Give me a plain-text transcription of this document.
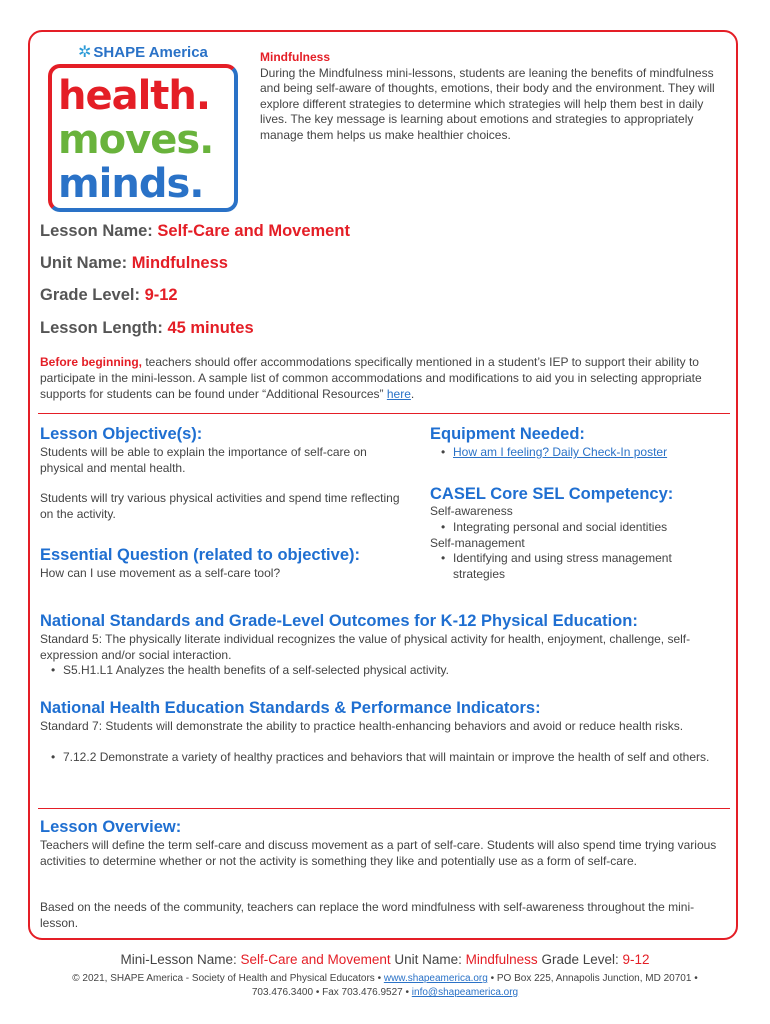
✲ SHAPE America
health.
moves.
minds.
Mindfulness
During the Mindfulness mini-lessons, students are leaning the benefits of mindfulness and being self-aware of thoughts, emotions, their body and the environment. They will explore different strategies to determine which strategies will help them best in daily lives. The key message is learning about emotions and strategies to appropriately manage them helps us make healthier choices.
Lesson Name: Self-Care and Movement
Unit Name: Mindfulness
Grade Level: 9-12
Lesson Length: 45 minutes
Before beginning, teachers should offer accommodations specifically mentioned in a student’s IEP to support their ability to participate in the mini-lesson. A sample list of common accommodations and modifications to aid you in selecting appropriate supports for students can be found under “Additional Resources” here.
Lesson Objective(s):
Students will be able to explain the importance of self-care on physical and mental health.
Students will try various physical activities and spend time reflecting on the activity.
Essential Question (related to objective):
How can I use movement as a self-care tool?
Equipment Needed:
• How am I feeling? Daily Check-In poster
CASEL Core SEL Competency:
Self-awareness
• Integrating personal and social identities
Self-management
• Identifying and using stress management strategies
National Standards and Grade-Level Outcomes for K-12 Physical Education:
Standard 5: The physically literate individual recognizes the value of physical activity for health, enjoyment, challenge, self-expression and/or social interaction.
• S5.H1.L1 Analyzes the health benefits of a self-selected physical activity.
National Health Education Standards & Performance Indicators:
Standard 7: Students will demonstrate the ability to practice health-enhancing behaviors and avoid or reduce health risks.
• 7.12.2 Demonstrate a variety of healthy practices and behaviors that will maintain or improve the health of self and others.
Lesson Overview:
Teachers will define the term self-care and discuss movement as a part of self-care. Students will also spend time trying various activities to determine whether or not the activity is something they like and potentially use as a form of self-care.
Based on the needs of the community, teachers can replace the word mindfulness with self-awareness throughout the mini-lesson.
Mini-Lesson Name: Self-Care and Movement Unit Name: Mindfulness Grade Level: 9-12
© 2021, SHAPE America - Society of Health and Physical Educators • www.shapeamerica.org • PO Box 225, Annapolis Junction, MD 20701 •
703.476.3400 • Fax 703.476.9527 • info@shapeamerica.org
